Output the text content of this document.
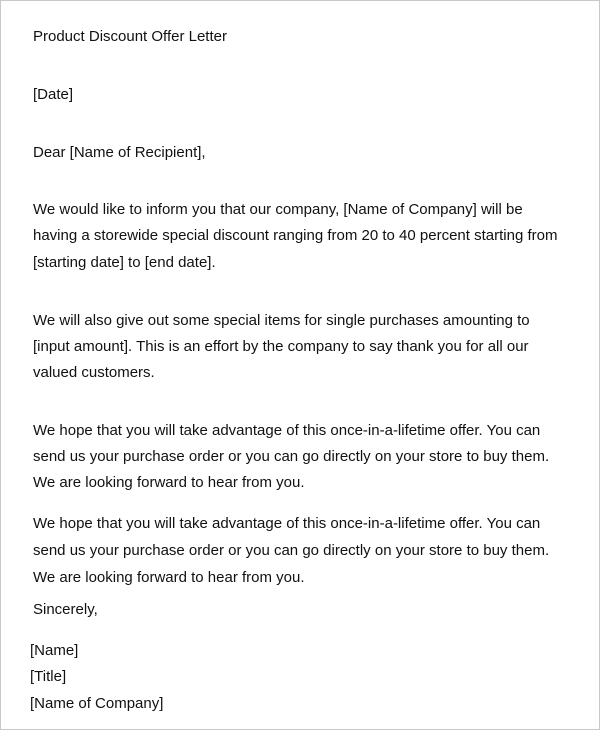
Product Discount Offer Letter
[Date]
Dear [Name of Recipient],
We would like to inform you that our company, [Name of Company] will be
having a storewide special discount ranging from 20 to 40 percent starting from
[starting date] to [end date].
We will also give out some special items for single purchases amounting to
[input amount]. This is an effort by the company to say thank you for all our
valued customers.
We hope that you will take advantage of this once-in-a-lifetime offer. You can
send us your purchase order or you can go directly on your store to buy them.
We are looking forward to hear from you.
We hope that you will take advantage of this once-in-a-lifetime offer. You can
send us your purchase order or you can go directly on your store to buy them.
We are looking forward to hear from you.
Sincerely,
[Name]
[Title]
[Name of Company]
